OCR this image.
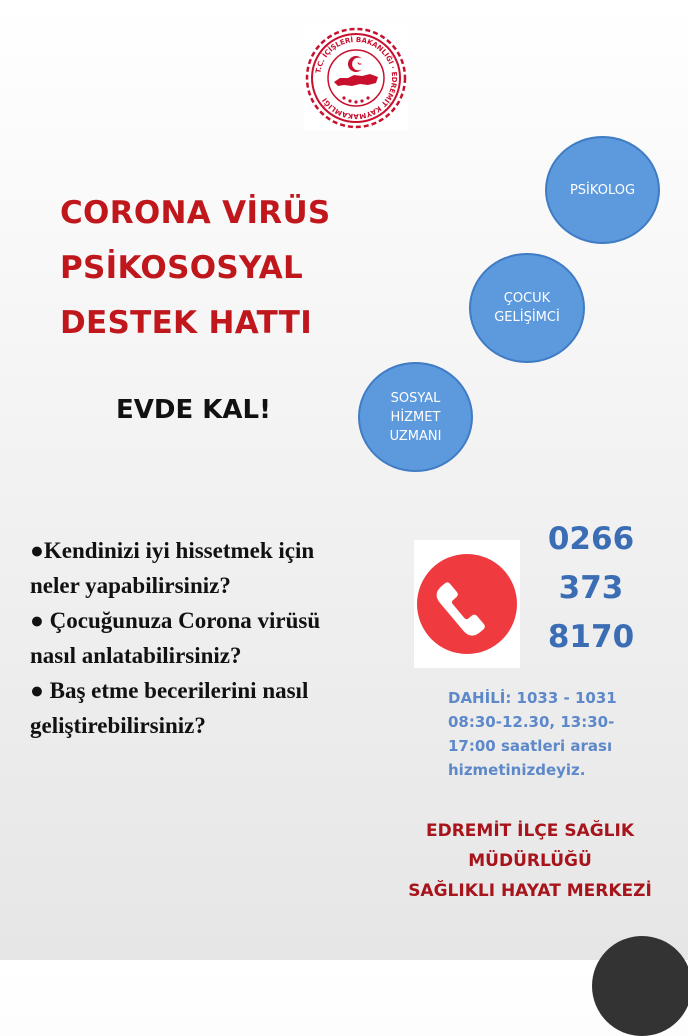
T.C. İÇİŞLERİ BAKANLIĞI · EDREMİT KAYMAKAMLIĞI
CORONA VİRÜS
PSİKOSOSYAL
DESTEK HATTI

EVDE KAL!

PSİKOLOG
ÇOCUK
GELİŞİMCİ
SOSYAL
HİZMET
UZMANI
●Kendinizi iyi hissetmek için
neler yapabilirsiniz?
● Çocuğunuza Corona virüsü
nasıl anlatabilirsiniz?
● Baş etme becerilerini nasıl
geliştirebilirsiniz?
0266
373
8170
DAHİLİ: 1033 - 1031
08:30-12.30, 13:30-
17:00 saatleri arası
hizmetinizdeyiz.
EDREMİT İLÇE SAĞLIK
MÜDÜRLÜĞÜ
SAĞLIKLI HAYAT MERKEZİ
